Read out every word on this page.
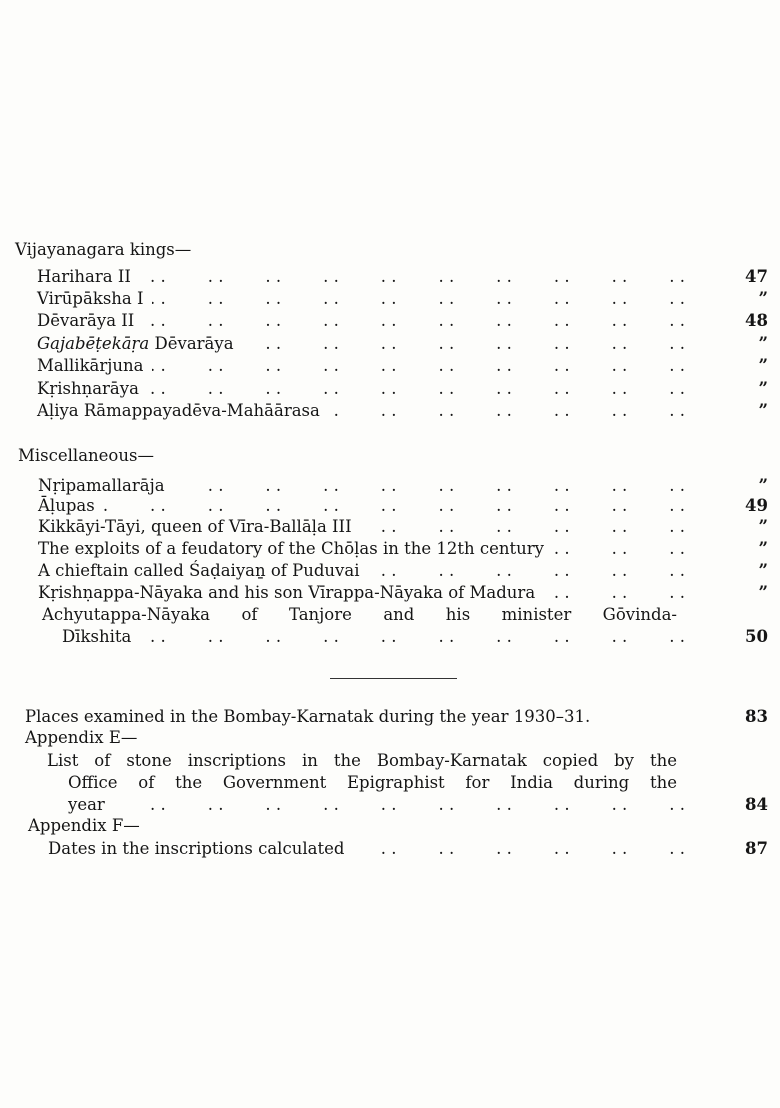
Vijayanagara kings—
Harihara II . .	47
Virūpāksha I . .	”
Dēvarāya II . .	48
Gajabēṭekāṛa Dēvarāya . .	”
Mallikārjuna . .	”
Kṛishṇarāya . .	”
Aḷiya Rāmappayadēva-Mahāārasa . .	”
Miscellaneous—
Nṛipamallarāja . .	”
Āḷupas . .	49
Kikkāyi-Tāyi, queen of Vīra-Ballāḷa III . .	”
The exploits of a feudatory of the Chōḷas in the 12th century . .	”
A chieftain called Śaḍaiyaṉ of Puduvai . .	”
Kṛishṇappa-Nāyaka and his son Vīrappa-Nāyaka of Madura . .	”
Achyutappa-Nāyaka of Tanjore and his minister Gōvinda-
Dīkshita . .	50
Places examined in the Bombay-Karnatak during the year 1930–31.	83
Appendix E—
List of stone inscriptions in the Bombay-Karnatak copied by the
Office of the Government Epigraphist for India during the
year . .	84
Appendix F—
Dates in the inscriptions calculated . .	87
